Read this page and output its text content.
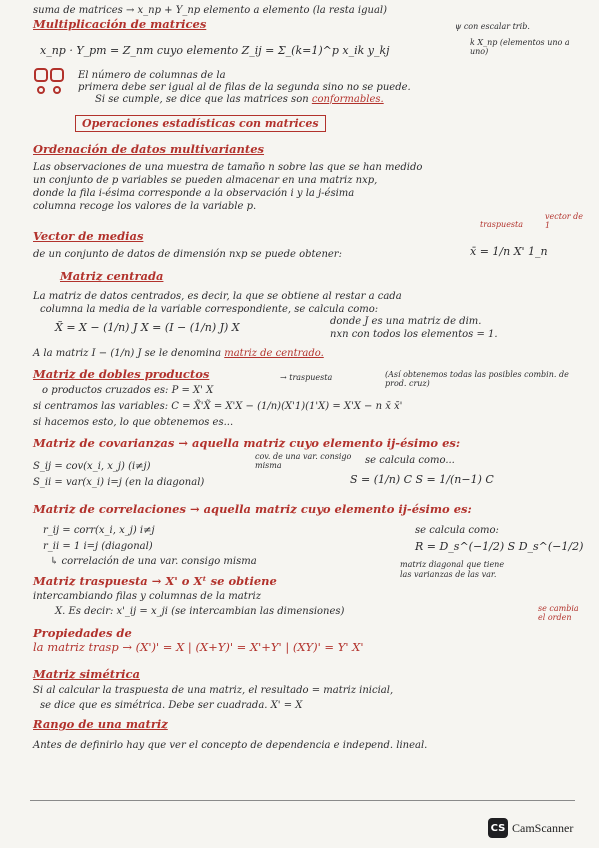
suma de matrices → x_np + Y_np elemento a elemento (la resta igual)
Multiplicación de matrices	ψ con escalar trib.
x_np · Y_pm = Z_nm cuyo elemento Z_ij = Σ_(k=1)^p x_ik y_kj
k X_np (elementos uno a uno)
El número de columnas de la
primera debe ser igual al de filas de la segunda sino no se puede.
Si se cumple, se dice que las matrices son conformables.
Operaciones estadísticas con matrices
Ordenación de datos multivariantes
Las observaciones de una muestra de tamaño n sobre las que se han medido
un conjunto de p variables se pueden almacenar en una matriz nxp,
donde la fila i-ésima corresponde a la observación i y la j-ésima
columna recoge los valores de la variable p.
Vector de medias
traspuesta
vector de 1
de un conjunto de datos de dimensión nxp se puede obtener:	x̄ = 1/n X' 1_n
Matriz centrada
La matriz de datos centrados, es decir, la que se obtiene al restar a cada
columna la media de la variable correspondiente, se calcula como:
X̃ = X − (1/n) J X = (I − (1/n) J) X	donde J es una matriz de dim.
nxn con todos los elementos = 1.
A la matriz I − (1/n) J se le denomina matriz de centrado.
Matriz de dobles productos	→ traspuesta	(Así obtenemos todas las posibles combin. de prod. cruz)
o productos cruzados es: P = X' X
si centramos las variables: C = X̃'X̃ = X'X − (1/n)(X'1)(1'X) = X'X − n x̄ x̄'
si hacemos esto, lo que obtenemos es...
Matriz de covarianzas → aquella matriz cuyo elemento ij-ésimo es:
S_ij = cov(x_i, x_j) (i≠j)
cov. de una var. consigo misma	se calcula como...
S_ii = var(x_i) i=j (en la diagonal)	S = (1/n) C S = 1/(n−1) C
Matriz de correlaciones → aquella matriz cuyo elemento ij-ésimo es:
r_ij = corr(x_i, x_j) i≠j	se calcula como:
r_ii = 1 i=j (diagonal)	R = D_s^(−1/2) S D_s^(−1/2)
↳ correlación de una var. consigo misma	matriz diagonal que tiene
las varianzas de las var.
Matriz traspuesta → X' o Xᵗ se obtiene
intercambiando filas y columnas de la matriz
X. Es decir: x'_ij = x_ji (se intercambian las dimensiones)	se cambia el orden
Propiedades de
la matriz trasp → (X')' = X | (X+Y)' = X'+Y' | (XY)' = Y' X'
Matriz simétrica
Si al calcular la traspuesta de una matriz, el resultado = matriz inicial,
se dice que es simétrica. Debe ser cuadrada. X' = X
Rango de una matriz
Antes de definirlo hay que ver el concepto de dependencia e independ. lineal.
CS CamScanner
